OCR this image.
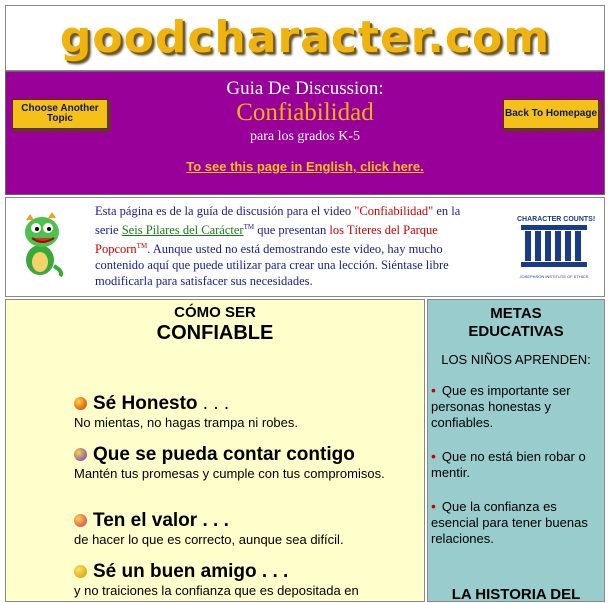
goodcharacter.com
Choose Another Topic	Back To Homepage
Guia De Discussion:
Confiabilidad
para los grados K-5
To see this page in English, click here.
Esta página es de la guía de discusión para el video "Confiabilidad" en la serie Seis Pilares del Carácter™ que presentan los Títeres del Parque Popcorn™. Aunque usted no está demostrando este video, hay mucho contenido aquí que puede utilizar para crear una lección. Siéntase libre modificarla para satisfacer sus necesidades.
CHARACTER COUNTS!
JOSEPHSON INSTITUTE OF ETHICS
CÓMO SER
CONFIABLE
Sé Honesto . . .
No mientas, no hagas trampa ni robes.
Que se pueda contar contigo
Mantén tus promesas y cumple con tus compromisos.
Ten el valor . . .
de hacer lo que es correcto, aunque sea difícil.
Sé un buen amigo . . .
y no traiciones la confianza que es depositada en
METAS EDUCATIVAS
LOS NIÑOS APRENDEN:
• Que es importante ser personas honestas y confiables.
• Que no está bien robar o mentir.
• Que la confianza es esencial para tener buenas relaciones.
LA HISTORIA DEL
